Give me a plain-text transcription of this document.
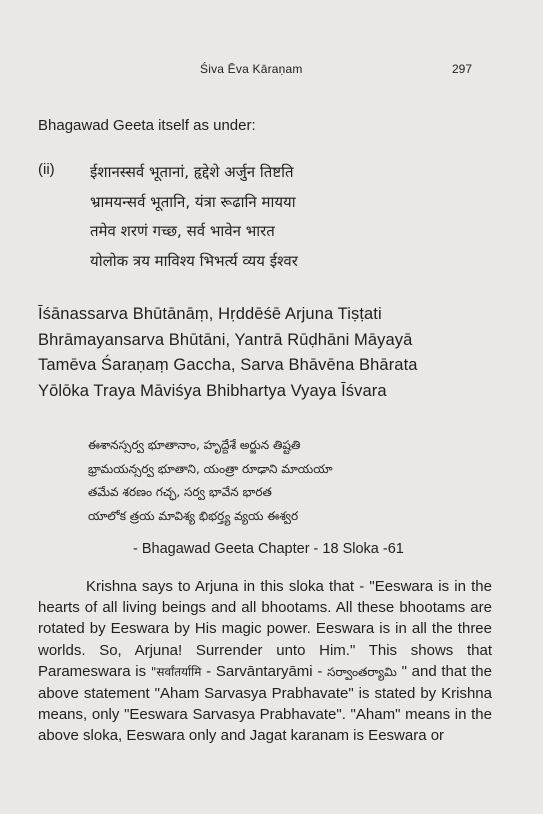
Śiva Ēva Kāraṇam	297
Bhagawad Geeta itself as under:
(ii) ईशानस्सर्व भूतानां, हृद्देशे अर्जुन तिष्टति
भ्रामयन्सर्व भूतानि, यंत्रा रूढानि मायया
तमेव शरणं गच्छ, सर्व भावेन भारत
योलोक त्रय माविश्य भिभर्त्य व्यय ईश्वर
Īśānassarva Bhūtānāṃ, Hṛddēśē Arjuna Tiṣṭati
Bhrāmayansarva Bhūtāni, Yantrā Rūḍhāni Māyayā
Tamēva Śaraṇaṃ Gaccha, Sarva Bhāvēna Bhārata
Yōlōka Traya Māviśya Bhibhartya Vyaya Īśvara
ఈశానస్సర్వ భూతానాం, హృద్దేశే అర్జున తిష్టతి
భ్రామయన్సర్వ భూతాని, యంత్రా రూఢాని మాయయా
తమేవ శరణం గచ్ఛ, సర్వ భావేన భారత
యాలోక త్రయ మావిశ్య భిభర్త్య వ్యయ ఈశ్వర
- Bhagawad Geeta Chapter - 18 Sloka -61

Krishna says to Arjuna in this sloka that - "Eeswara is in the hearts of all living beings and all bhootams. All these bhootams are rotated by Eeswara by His magic power. Eeswara is in all the three worlds. So, Arjuna! Surrender unto Him." This shows that Parameswara is "सर्वांतर्यामि - Sarvāntaryāmi - సర్వాంతర్యామి " and that the above statement "Aham Sarvasya Prabhavate" is stated by Krishna means, only "Eeswara Sarvasya Prabhavate". "Aham" means in the above sloka, Eeswara only and Jagat karanam is Eeswara or
